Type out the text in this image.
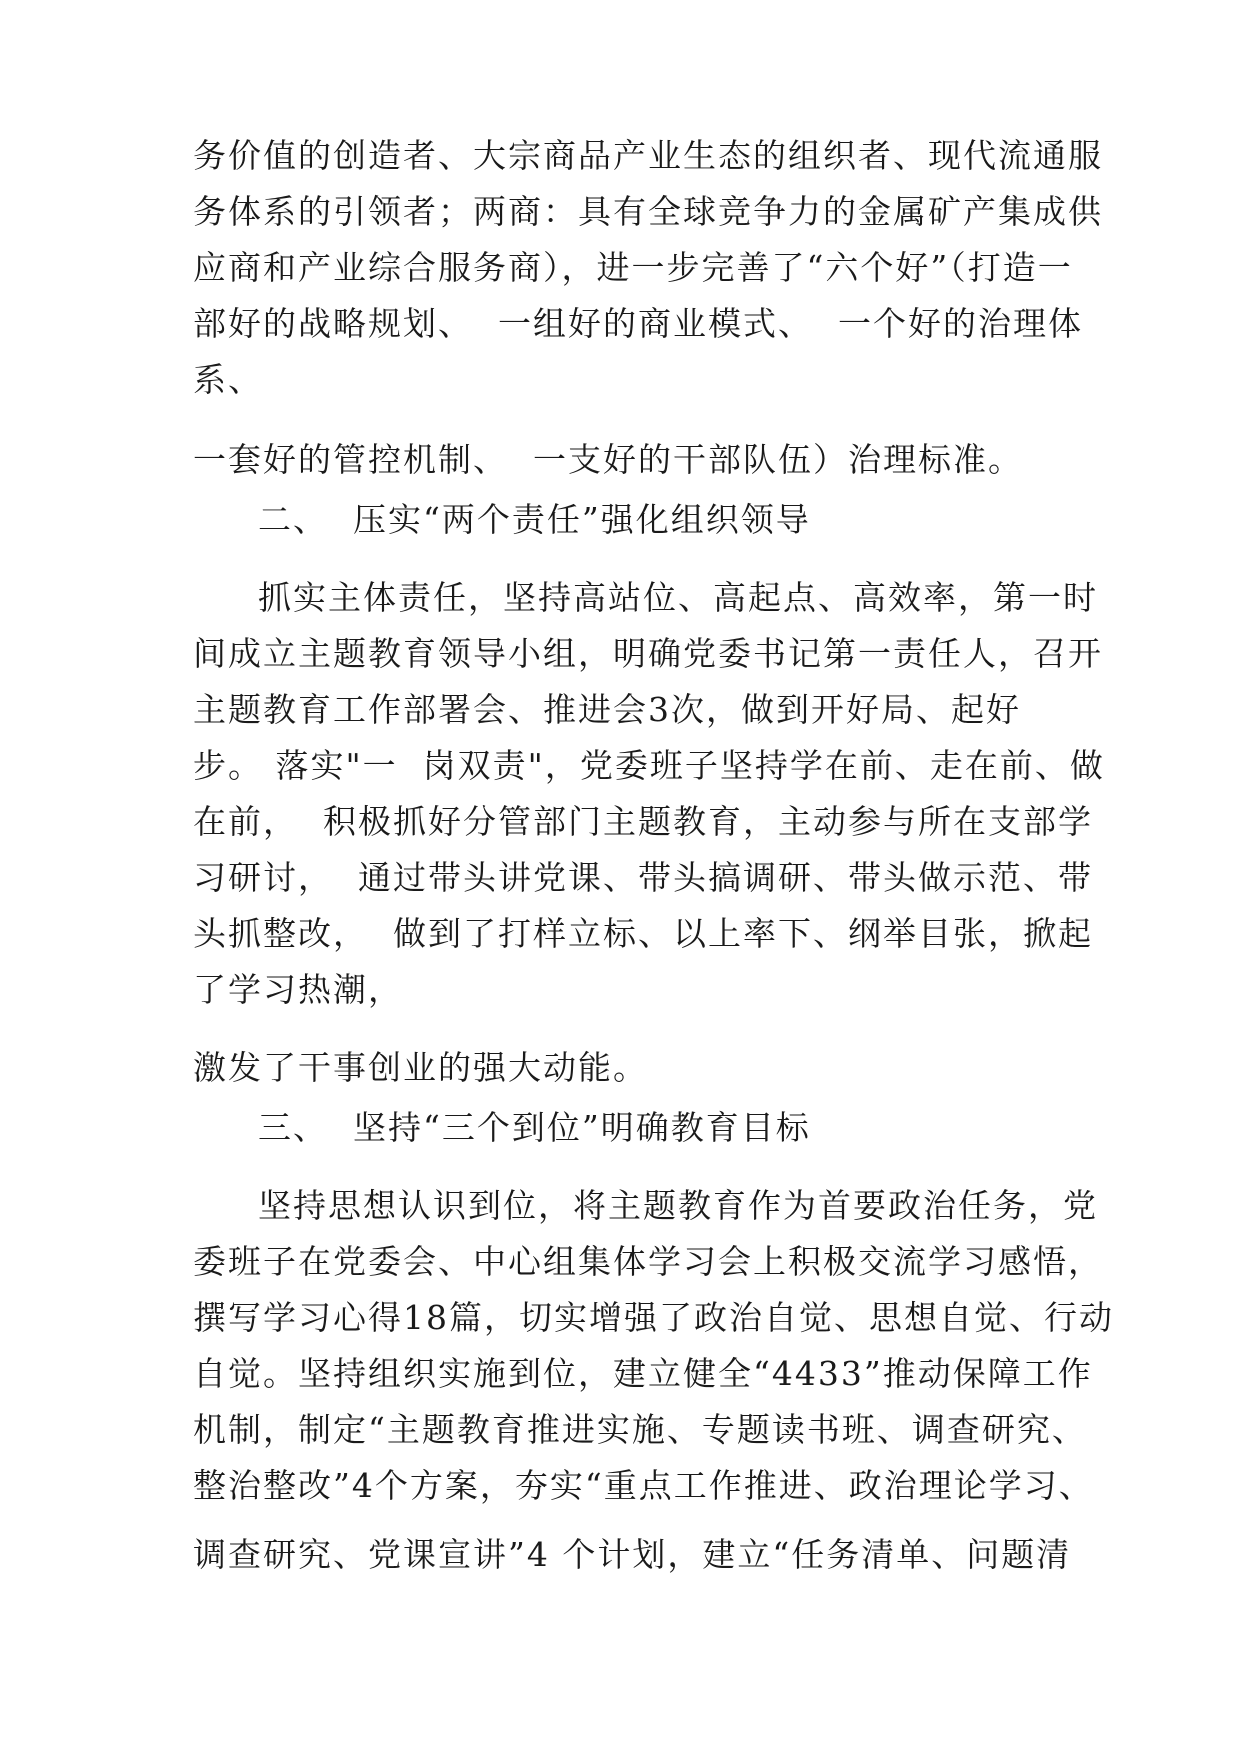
务价值的创造者、大宗商品产业生态的组织者、现代流通服
务体系的引领者；两商：具有全球竞争力的金属矿产集成供
应商和产业综合服务商），进一步完善了“六个好”（打造一
部好的战略规划、  一组好的商业模式、  一个好的治理体
系、
一套好的管控机制、  一支好的干部队伍）治理标准。
二、  压实“两个责任”强化组织领导
抓实主体责任，坚持高站位、高起点、高效率，第一时
间成立主题教育领导小组，明确党委书记第一责任人，召开
主题教育工作部署会、推进会3次，做到开好局、起好
步。 落实"一  岗双责"，党委班子坚持学在前、走在前、做
在前，  积极抓好分管部门主题教育，主动参与所在支部学
习研讨，  通过带头讲党课、带头搞调研、带头做示范、带
头抓整改，  做到了打样立标、以上率下、纲举目张，掀起
了学习热潮，
激发了干事创业的强大动能。
三、  坚持“三个到位”明确教育目标
坚持思想认识到位，将主题教育作为首要政治任务，党
委班子在党委会、中心组集体学习会上积极交流学习感悟，
撰写学习心得18篇，切实增强了政治自觉、思想自觉、行动
自觉。坚持组织实施到位，建立健全“4433”推动保障工作
机制，制定“主题教育推进实施、专题读书班、调查研究、
整治整改”4个方案，夯实“重点工作推进、政治理论学习、
调查研究、党课宣讲”4 个计划，建立“任务清单、问题清
